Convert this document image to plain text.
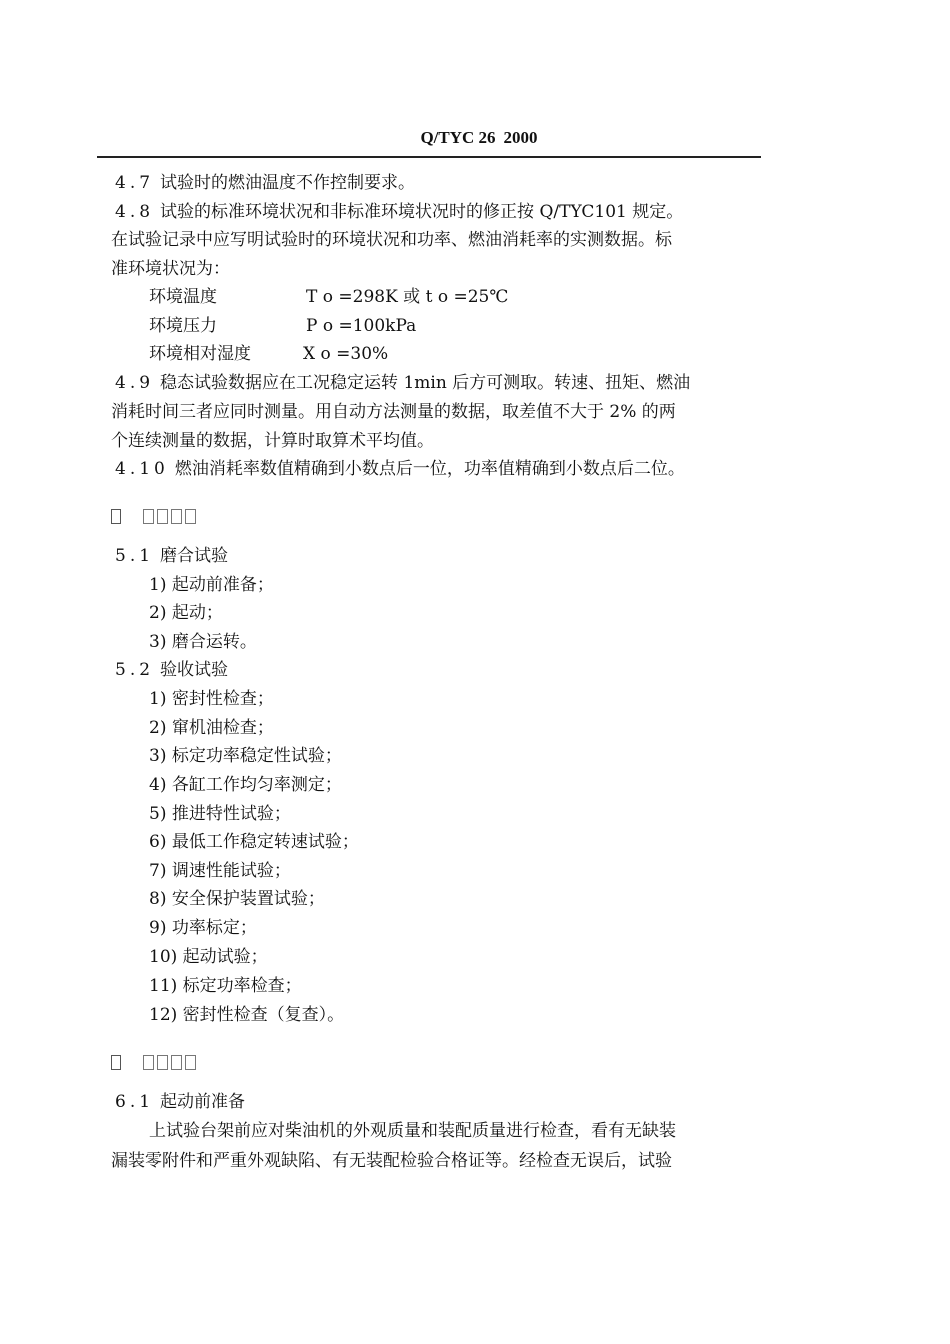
Q/TYC 26 2000
4.7 试验时的燃油温度不作控制要求。
4.8 试验的标准环境状况和非标准环境状况时的修正按 Q/TYC101 规定。
在试验记录中应写明试验时的环境状况和功率、燃油消耗率的实测数据。标
准环境状况为：
环境温度	T o =298K 或 t o =25℃
环境压力	P o =100kPa
环境相对湿度	X o =30%
4.9 稳态试验数据应在工况稳定运转 1min 后方可测取。转速、扭矩、燃油
消耗时间三者应同时测量。用自动方法测量的数据，取差值不大于 2% 的两
个连续测量的数据，计算时取算术平均值。
4.10 燃油消耗率数值精确到小数点后一位，功率值精确到小数点后二位。
5.1 磨合试验
1) 起动前准备；
2) 起动；
3) 磨合运转。
5.2 验收试验
1) 密封性检查；
2) 窜机油检查；
3) 标定功率稳定性试验；
4) 各缸工作均匀率测定；
5) 推进特性试验；
6) 最低工作稳定转速试验；
7) 调速性能试验；
8) 安全保护装置试验；
9) 功率标定；
10) 起动试验；
11) 标定功率检查；
12) 密封性检查（复查）。
6.1 起动前准备
上试验台架前应对柴油机的外观质量和装配质量进行检查，看有无缺装
漏装零附件和严重外观缺陷、有无装配检验合格证等。经检查无误后，试验
